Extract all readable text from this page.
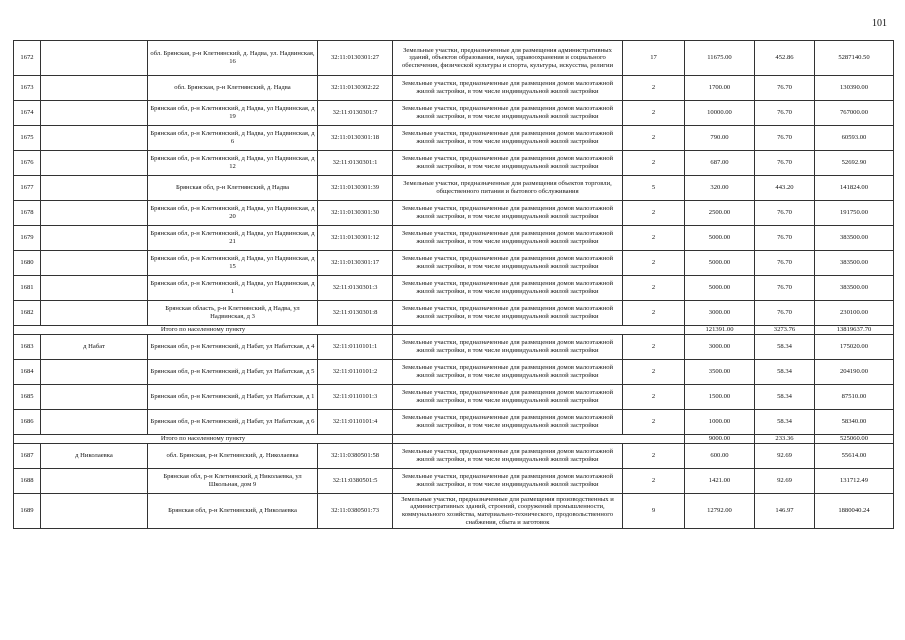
101
1672		обл. Брянская, р-н Клетнянский, д. Надва, ул. Надвинская, 16	32:11:0130301:27	Земельные участки, предназначенные для размещения административных зданий, объектов образования, науки, здравоохранения и социального обеспечения, физической культуры и спорта, культуры, искусства, религии	17	11675.00	452.86	5287140.50
1673		обл. Брянская, р-н Клетнянский, д. Надва	32:11:0130302:22	Земельные участки, предназначенные для размещения домов малоэтажной жилой застройки, в том числе индивидуальной жилой застройки	2	1700.00	76.70	130390.00
1674		Брянская обл, р-н Клетнянский, д Надва, ул Надвинская, д 19	32:11:0130301:7	Земельные участки, предназначенные для размещения домов малоэтажной жилой застройки, в том числе индивидуальной жилой застройки	2	10000.00	76.70	767000.00
1675		Брянская обл, р-н Клетнянский, д Надва, ул Надвинская, д 6	32:11:0130301:18	Земельные участки, предназначенные для размещения домов малоэтажной жилой застройки, в том числе индивидуальной жилой застройки	2	790.00	76.70	60593.00
1676		Брянская обл, р-н Клетнянский, д Надва, ул Надвинская, д 12	32:11:0130301:1	Земельные участки, предназначенные для размещения домов малоэтажной жилой застройки, в том числе индивидуальной жилой застройки	2	687.00	76.70	52692.90
1677		Брянская обл, р-н Клетнянский, д Надва	32:11:0130301:39	Земельные участки, предназначенные для размещения объектов торговли, общественного питания и бытового обслуживания	5	320.00	443.20	141824.00
1678		Брянская обл, р-н Клетнянский, д Надва, ул Надвинская, д 20	32:11:0130301:30	Земельные участки, предназначенные для размещения домов малоэтажной жилой застройки, в том числе индивидуальной жилой застройки	2	2500.00	76.70	191750.00
1679		Брянская обл, р-н Клетнянский, д Надва, ул Надвинская, д 21	32:11:0130301:12	Земельные участки, предназначенные для размещения домов малоэтажной жилой застройки, в том числе индивидуальной жилой застройки	2	5000.00	76.70	383500.00
1680		Брянская обл, р-н Клетнянский, д Надва, ул Надвинская, д 15	32:11:0130301:17	Земельные участки, предназначенные для размещения домов малоэтажной жилой застройки, в том числе индивидуальной жилой застройки	2	5000.00	76.70	383500.00
1681		Брянская обл, р-н Клетнянский, д Надва, ул Надвинская, д 1	32:11:0130301:3	Земельные участки, предназначенные для размещения домов малоэтажной жилой застройки, в том числе индивидуальной жилой застройки	2	5000.00	76.70	383500.00
1682		Брянская область, р-н Клетнянский, д Надва, ул Надвинская, д 3	32:11:0130301:8	Земельные участки, предназначенные для размещения домов малоэтажной жилой застройки, в том числе индивидуальной жилой застройки	2	3000.00	76.70	230100.00
Итого по населенному пункту						121391.00	3273.76	13819637.70
1683	д Набат	Брянская обл, р-н Клетнянский, д Набат, ул Набатская, д 4	32:11:0110101:1	Земельные участки, предназначенные для размещения домов малоэтажной жилой застройки, в том числе индивидуальной жилой застройки	2	3000.00	58.34	175020.00
1684		Брянская обл, р-н Клетнянский, д Набат, ул Набатская, д 5	32:11:0110101:2	Земельные участки, предназначенные для размещения домов малоэтажной жилой застройки, в том числе индивидуальной жилой застройки	2	3500.00	58.34	204190.00
1685		Брянская обл, р-н Клетнянский, д Набат, ул Набатская, д 1	32:11:0110101:3	Земельные участки, предназначенные для размещения домов малоэтажной жилой застройки, в том числе индивидуальной жилой застройки	2	1500.00	58.34	87510.00
1686		Брянская обл, р-н Клетнянский, д Набат, ул Набатская, д 6	32:11:0110101:4	Земельные участки, предназначенные для размещения домов малоэтажной жилой застройки, в том числе индивидуальной жилой застройки	2	1000.00	58.34	58340.00
Итого по населенному пункту						9000.00	233.36	525060.00
1687	д Николаевка	обл. Брянская, р-н Клетнянский, д. Николаевка	32:11:0380501:58	Земельные участки, предназначенные для размещения домов малоэтажной жилой застройки, в том числе индивидуальной жилой застройки	2	600.00	92.69	55614.00
1688		Брянская обл, р-н Клетнянский, д Николаевка, ул Школьная, дом 9	32:11:0380501:5	Земельные участки, предназначенные для размещения домов малоэтажной жилой застройки, в том числе индивидуальной жилой застройки	2	1421.00	92.69	131712.49
1689		Брянская обл, р-н Клетнянский, д Николаевка	32:11:0380501:73	Земельные участки, предназначенные для размещения производственных и административных зданий, строений, сооружений промышленности, коммунального хозяйства, материально-технического, продовольственного снабжения, сбыта и заготовок	9	12792.00	146.97	1880040.24
